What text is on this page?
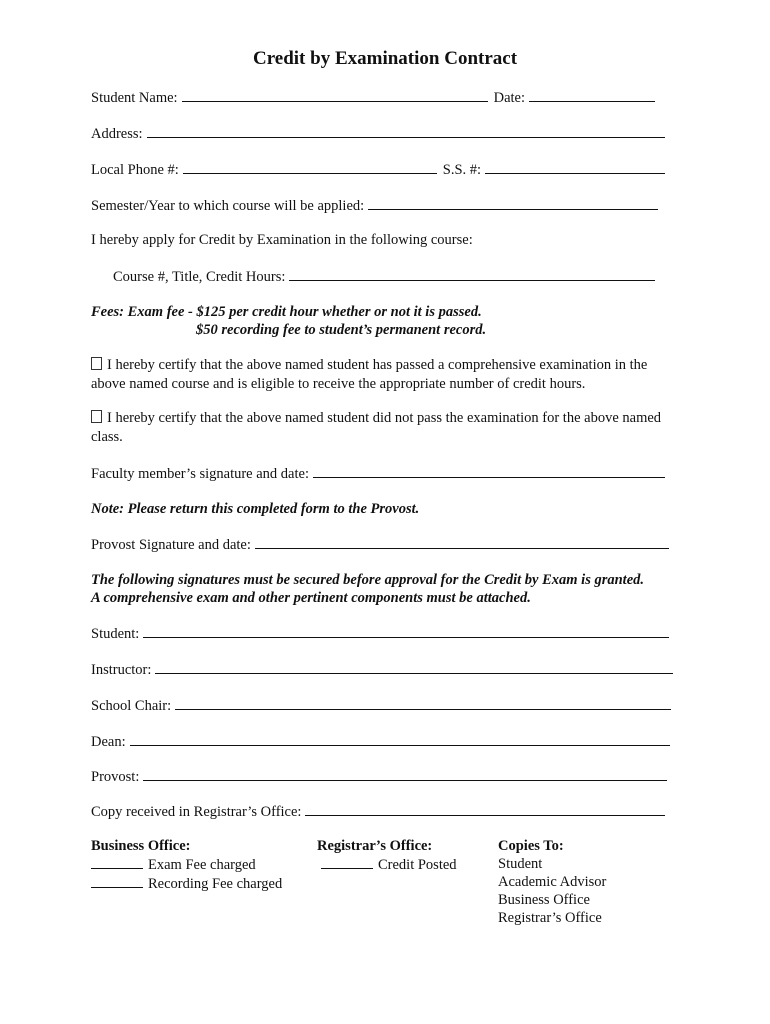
Credit by Examination Contract
Student Name:	Date:
Address:
Local Phone #:	S.S. #:
Semester/Year to which course will be applied:
I hereby apply for Credit by Examination in the following course:
Course #, Title, Credit Hours:
Fees: Exam fee - $125 per credit hour whether or not it is passed.
$50 recording fee to student’s permanent record.
I hereby certify that the above named student has passed a comprehensive examination in the above named course and is eligible to receive the appropriate number of credit hours.
I hereby certify that the above named student did not pass the examination for the above named class.
Faculty member’s signature and date:
Note: Please return this completed form to the Provost.
Provost Signature and date:
The following signatures must be secured before approval for the Credit by Exam is granted.
A comprehensive exam and other pertinent components must be attached.
Student:
Instructor:
School Chair:
Dean:
Provost:
Copy received in Registrar’s Office:
Business Office:
Exam Fee charged
Recording Fee charged
Registrar’s Office:
Credit Posted
Copies To:
Student
Academic Advisor
Business Office
Registrar’s Office
